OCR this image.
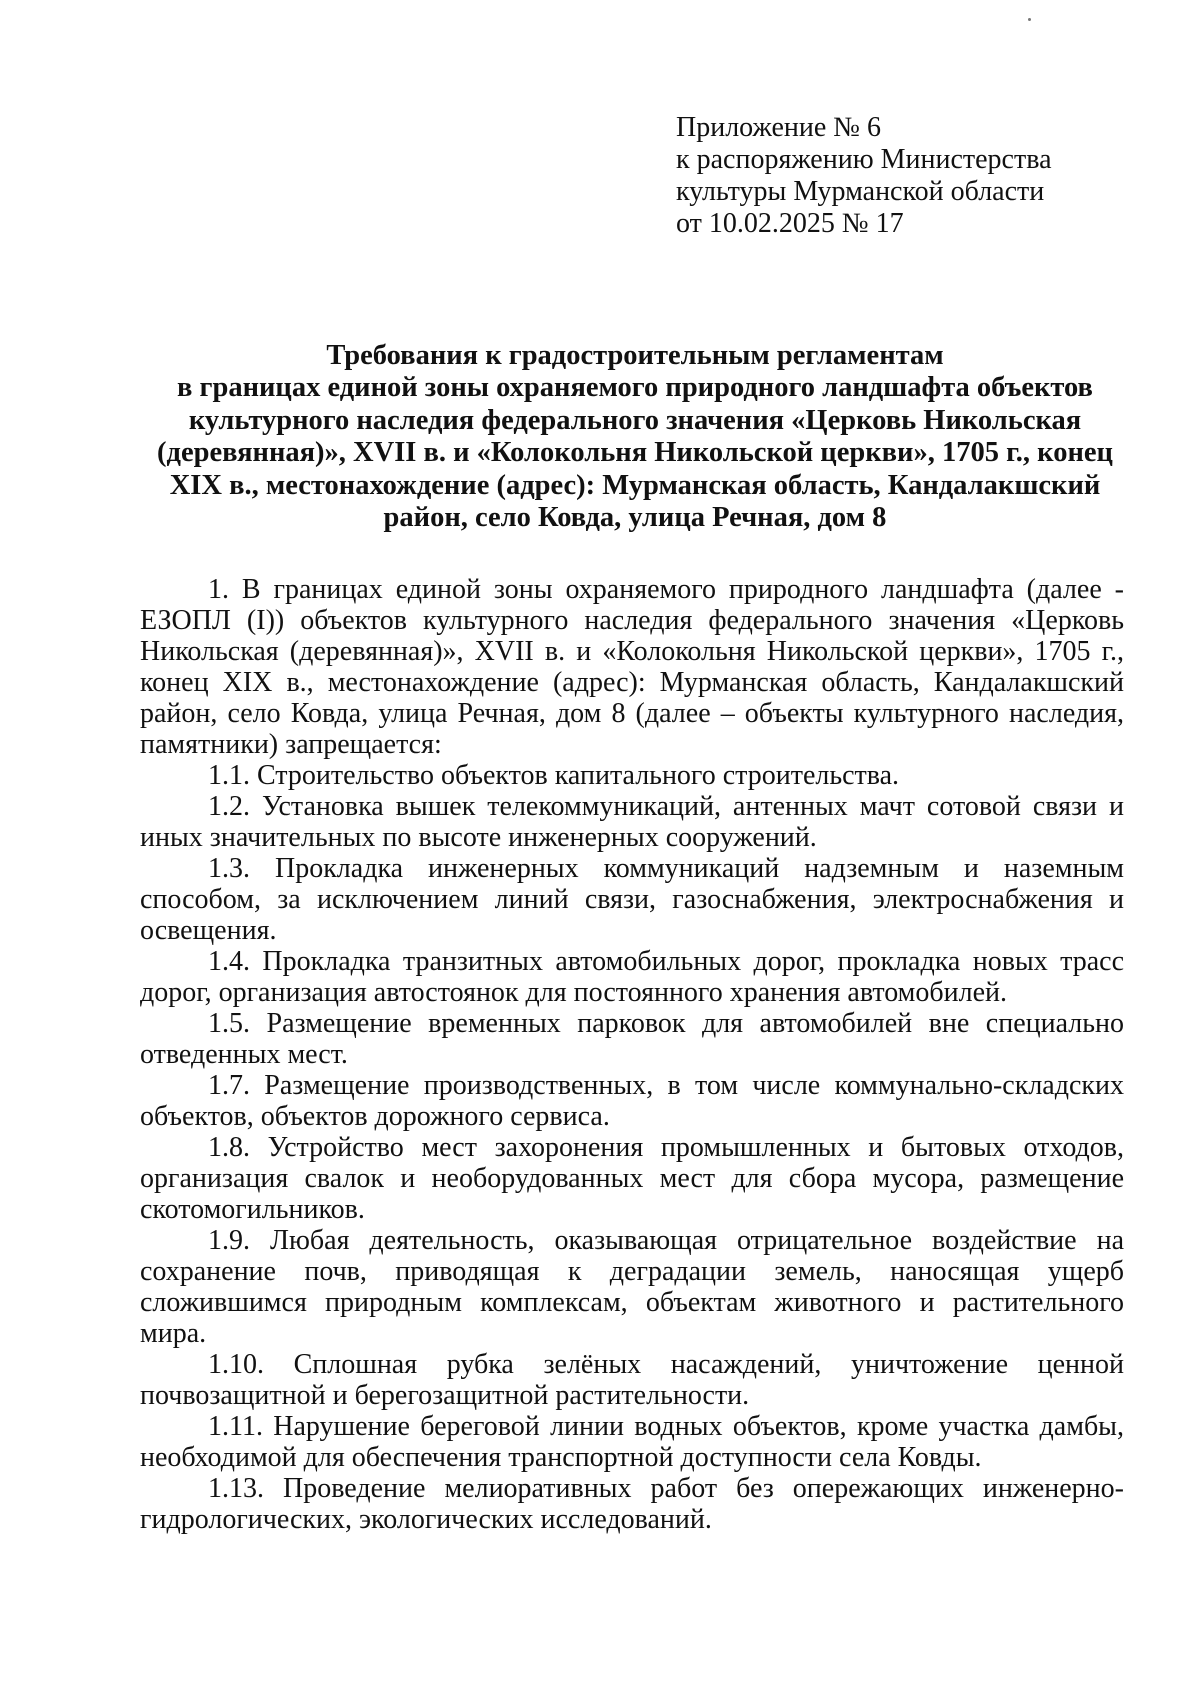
Приложение № 6
к распоряжению Министерства
культуры Мурманской области
от 10.02.2025 № 17
Требования к градостроительным регламентам
в границах единой зоны охраняемого природного ландшафта объектов
культурного наследия федерального значения «Церковь Никольская
(деревянная)», XVII в. и «Колокольня Никольской церкви», 1705 г., конец
XIX в., местонахождение (адрес): Мурманская область, Кандалакшский
район, село Ковда, улица Речная, дом 8

1. В границах единой зоны охраняемого природного ландшафта (далее - ЕЗОПЛ (I)) объектов культурного наследия федерального значения «Церковь Никольская (деревянная)», XVII в. и «Колокольня Никольской церкви», 1705 г., конец XIX в., местонахождение (адрес): Мурманская область, Кандалакшский район, село Ковда, улица Речная, дом 8 (далее – объекты культурного наследия, памятники) запрещается:

1.1. Строительство объектов капитального строительства.

1.2. Установка вышек телекоммуникаций, антенных мачт сотовой связи и иных значительных по высоте инженерных сооружений.

1.3. Прокладка инженерных коммуникаций надземным и наземным способом, за исключением линий связи, газоснабжения, электроснабжения и освещения.

1.4. Прокладка транзитных автомобильных дорог, прокладка новых трасс дорог, организация автостоянок для постоянного хранения автомобилей.

1.5. Размещение временных парковок для автомобилей вне специально отведенных мест.

1.7. Размещение производственных, в том числе коммунально-складских объектов, объектов дорожного сервиса.

1.8. Устройство мест захоронения промышленных и бытовых отходов, организация свалок и необорудованных мест для сбора мусора, размещение скотомогильников.

1.9. Любая деятельность, оказывающая отрицательное воздействие на сохранение почв, приводящая к деградации земель, наносящая ущерб сложившимся природным комплексам, объектам животного и растительного мира.

1.10. Сплошная рубка зелёных насаждений, уничтожение ценной почвозащитной и берегозащитной растительности.

1.11. Нарушение береговой линии водных объектов, кроме участка дамбы, необходимой для обеспечения транспортной доступности села Ковды.

1.13. Проведение мелиоративных работ без опережающих инженерно-гидрологических, экологических исследований.
